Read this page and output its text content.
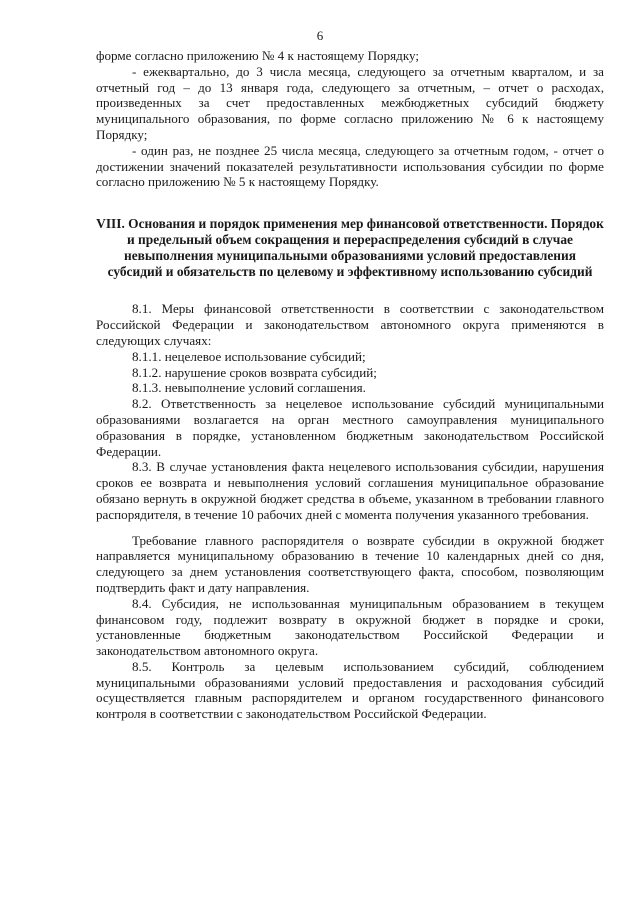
6

форме согласно приложению № 4 к настоящему Порядку;

- ежеквартально, до 3 числа месяца, следующего за отчетным кварталом, и за отчетный год – до 13 января года, следующего за отчетным, – отчет о расходах, произведенных за счет предоставленных межбюджетных субсидий бюджету муниципального образования, по форме согласно приложению № 6 к настоящему Порядку;

- один раз, не позднее 25 числа месяца, следующего за отчетным годом, - отчет о достижении значений показателей результативности использования субсидии по форме согласно приложению № 5 к настоящему Порядку.

VIII. Основания и порядок применения мер финансовой ответственности. Порядок и предельный объем сокращения и перераспределения субсидий в случае невыполнения муниципальными образованиями условий предоставления субсидий и обязательств по целевому и эффективному использованию субсидий

8.1. Меры финансовой ответственности в соответствии с законодательством Российской Федерации и законодательством автономного округа применяются в следующих случаях:

8.1.1. нецелевое использование субсидий;

8.1.2. нарушение сроков возврата субсидий;

8.1.3. невыполнение условий соглашения.

8.2. Ответственность за нецелевое использование субсидий муниципальными образованиями возлагается на орган местного самоуправления муниципального образования в порядке, установленном бюджетным законодательством Российской Федерации.

8.3. В случае установления факта нецелевого использования субсидии, нарушения сроков ее возврата и невыполнения условий соглашения муниципальное образование обязано вернуть в окружной бюджет средства в объеме, указанном в требовании главного распорядителя, в течение 10 рабочих дней с момента получения указанного требования.

Требование главного распорядителя о возврате субсидии в окружной бюджет направляется муниципальному образованию в течение 10 календарных дней со дня, следующего за днем установления соответствующего факта, способом, позволяющим подтвердить факт и дату направления.

8.4. Субсидия, не использованная муниципальным образованием в текущем финансовом году, подлежит возврату в окружной бюджет в порядке и сроки, установленные бюджетным законодательством Российской Федерации и законодательством автономного округа.

8.5. Контроль за целевым использованием субсидий, соблюдением муниципальными образованиями условий предоставления и расходования субсидий осуществляется главным распорядителем и органом государственного финансового контроля в соответствии с законодательством Российской Федерации.
